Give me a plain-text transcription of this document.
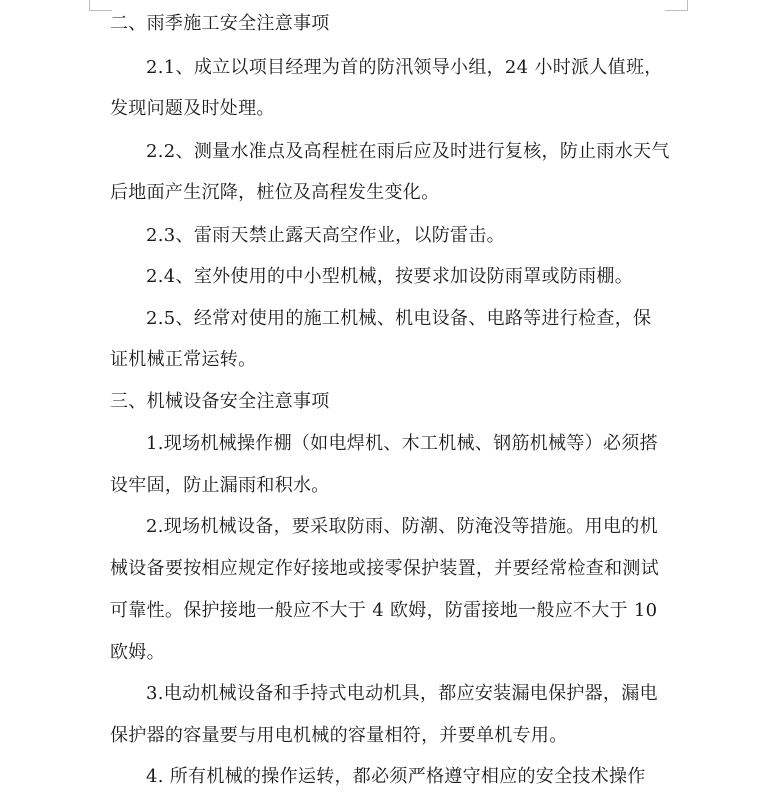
二、雨季施工安全注意事项
2.1、成立以项目经理为首的防汛领导小组，24 小时派人值班，
发现问题及时处理。
2.2、测量水准点及高程桩在雨后应及时进行复核，防止雨水天气
后地面产生沉降，桩位及高程发生变化。
2.3、雷雨天禁止露天高空作业，以防雷击。
2.4、室外使用的中小型机械，按要求加设防雨罩或防雨棚。
2.5、经常对使用的施工机械、机电设备、电路等进行检查，保
证机械正常运转。
三、机械设备安全注意事项
1.现场机械操作棚（如电焊机、木工机械、钢筋机械等）必须搭
设牢固，防止漏雨和积水。
2.现场机械设备，要采取防雨、防潮、防淹没等措施。用电的机
械设备要按相应规定作好接地或接零保护装置，并要经常检查和测试
可靠性。保护接地一般应不大于 4 欧姆，防雷接地一般应不大于 10
欧姆。
3.电动机械设备和手持式电动机具，都应安装漏电保护器，漏电
保护器的容量要与用电机械的容量相符，并要单机专用。
4. 所有机械的操作运转，都必须严格遵守相应的安全技术操作
